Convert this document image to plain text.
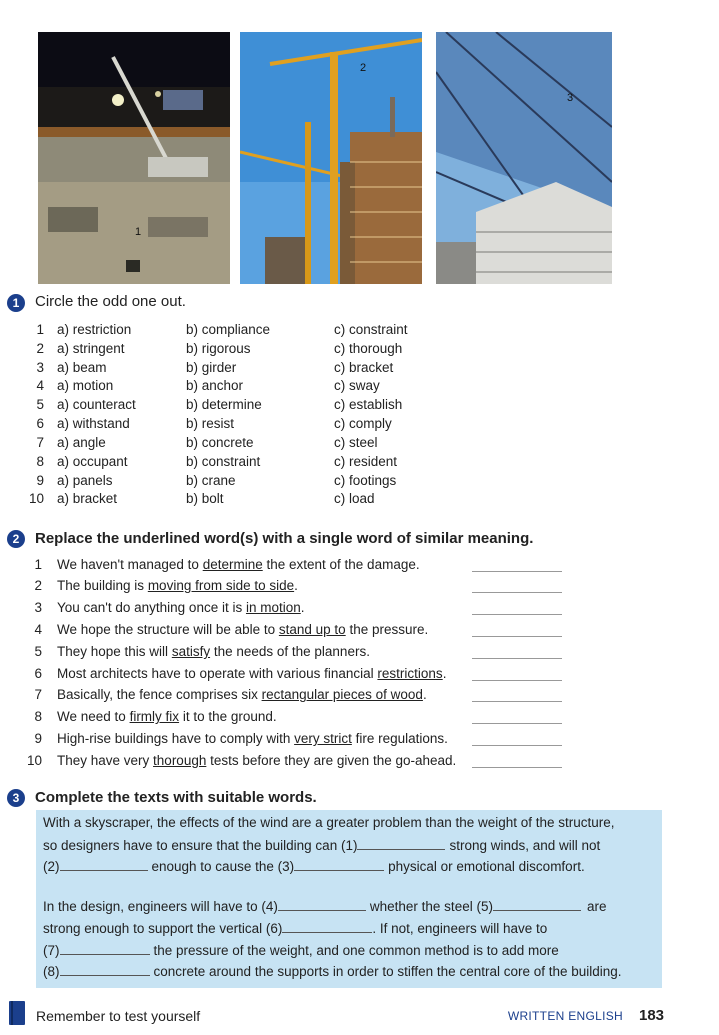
1
2
3
1	Circle the odd one out.
1 a) restriction	b) compliance	c) constraint
2 a) stringent	b) rigorous	c) thorough
3 a) beam	b) girder	c) bracket
4 a) motion	b) anchor	c) sway
5 a) counteract	b) determine	c) establish
6 a) withstand	b) resist	c) comply
7 a) angle	b) concrete	c) steel
8 a) occupant	b) constraint	c) resident
9 a) panels	b) crane	c) footings
10 a) bracket	b) bolt	c) load
2	Replace the underlined word(s) with a single word of similar meaning.
1 We haven't managed to determine the extent of the damage.
2 The building is moving from side to side.
3 You can't do anything once it is in motion.
4 We hope the structure will be able to stand up to the pressure.
5 They hope this will satisfy the needs of the planners.
6 Most architects have to operate with various financial restrictions.
7 Basically, the fence comprises six rectangular pieces of wood.
8 We need to firmly fix it to the ground.
9 High-rise buildings have to comply with very strict fire regulations.
10 They have very thorough tests before they are given the go-ahead.
3	Complete the texts with suitable words.
With a skyscraper, the effects of the wind are a greater problem than the weight of the structure,
so designers have to ensure that the building can (1)	strong winds, and will not
(2)	enough to cause the (3)	physical or emotional discomfort.
In the design, engineers will have to (4)	whether the steel (5)	are
strong enough to support the vertical (6)	. If not, engineers will have to
(7)	the pressure of the weight, and one common method is to add more
(8)	concrete around the supports in order to stiffen the central core of the building.
Remember to test yourself	WRITTEN ENGLISH 183
